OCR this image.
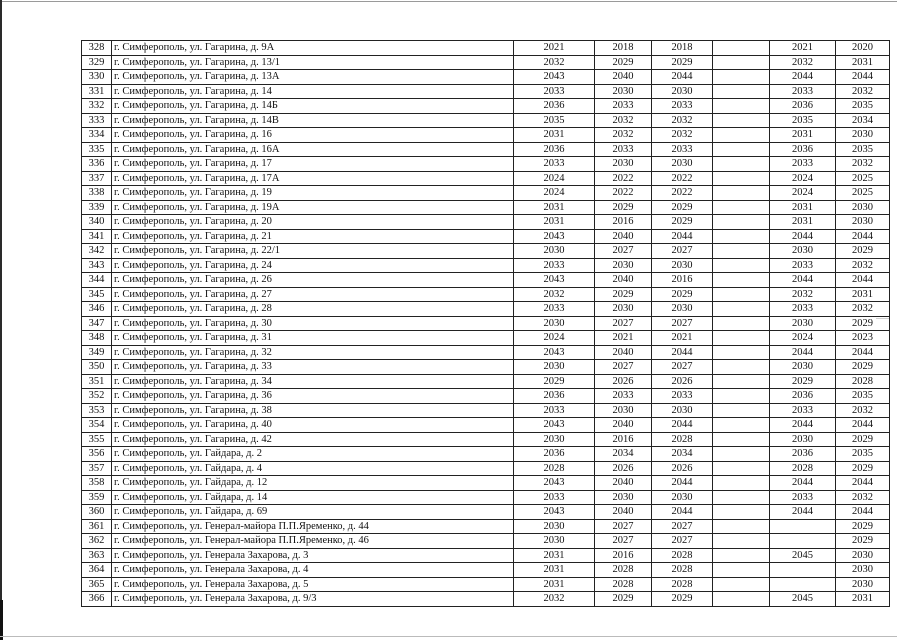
328	г. Симферополь, ул. Гагарина, д. 9А	2021	2018	2018		2021	2020
329	г. Симферополь, ул. Гагарина, д. 13/1	2032	2029	2029		2032	2031
330	г. Симферополь, ул. Гагарина, д. 13А	2043	2040	2044		2044	2044
331	г. Симферополь, ул. Гагарина, д. 14	2033	2030	2030		2033	2032
332	г. Симферополь, ул. Гагарина, д. 14Б	2036	2033	2033		2036	2035
333	г. Симферополь, ул. Гагарина, д. 14В	2035	2032	2032		2035	2034
334	г. Симферополь, ул. Гагарина, д. 16	2031	2032	2032		2031	2030
335	г. Симферополь, ул. Гагарина, д. 16А	2036	2033	2033		2036	2035
336	г. Симферополь, ул. Гагарина, д. 17	2033	2030	2030		2033	2032
337	г. Симферополь, ул. Гагарина, д. 17А	2024	2022	2022		2024	2025
338	г. Симферополь, ул. Гагарина, д. 19	2024	2022	2022		2024	2025
339	г. Симферополь, ул. Гагарина, д. 19А	2031	2029	2029		2031	2030
340	г. Симферополь, ул. Гагарина, д. 20	2031	2016	2029		2031	2030
341	г. Симферополь, ул. Гагарина, д. 21	2043	2040	2044		2044	2044
342	г. Симферополь, ул. Гагарина, д. 22/1	2030	2027	2027		2030	2029
343	г. Симферополь, ул. Гагарина, д. 24	2033	2030	2030		2033	2032
344	г. Симферополь, ул. Гагарина, д. 26	2043	2040	2016		2044	2044
345	г. Симферополь, ул. Гагарина, д. 27	2032	2029	2029		2032	2031
346	г. Симферополь, ул. Гагарина, д. 28	2033	2030	2030		2033	2032
347	г. Симферополь, ул. Гагарина, д. 30	2030	2027	2027		2030	2029
348	г. Симферополь, ул. Гагарина, д. 31	2024	2021	2021		2024	2023
349	г. Симферополь, ул. Гагарина, д. 32	2043	2040	2044		2044	2044
350	г. Симферополь, ул. Гагарина, д. 33	2030	2027	2027		2030	2029
351	г. Симферополь, ул. Гагарина, д. 34	2029	2026	2026		2029	2028
352	г. Симферополь, ул. Гагарина, д. 36	2036	2033	2033		2036	2035
353	г. Симферополь, ул. Гагарина, д. 38	2033	2030	2030		2033	2032
354	г. Симферополь, ул. Гагарина, д. 40	2043	2040	2044		2044	2044
355	г. Симферополь, ул. Гагарина, д. 42	2030	2016	2028		2030	2029
356	г. Симферополь, ул. Гайдара, д. 2	2036	2034	2034		2036	2035
357	г. Симферополь, ул. Гайдара, д. 4	2028	2026	2026		2028	2029
358	г. Симферополь, ул. Гайдара, д. 12	2043	2040	2044		2044	2044
359	г. Симферополь, ул. Гайдара, д. 14	2033	2030	2030		2033	2032
360	г. Симферополь, ул. Гайдара, д. 69	2043	2040	2044		2044	2044
361	г. Симферополь, ул. Генерал-майора П.П.Яременко, д. 44	2030	2027	2027			2029
362	г. Симферополь, ул. Генерал-майора П.П.Яременко, д. 46	2030	2027	2027			2029
363	г. Симферополь, ул. Генерала Захарова, д. 3	2031	2016	2028		2045	2030
364	г. Симферополь, ул. Генерала Захарова, д. 4	2031	2028	2028			2030
365	г. Симферополь, ул. Генерала Захарова, д. 5	2031	2028	2028			2030
366	г. Симферополь, ул. Генерала Захарова, д. 9/3	2032	2029	2029		2045	2031
